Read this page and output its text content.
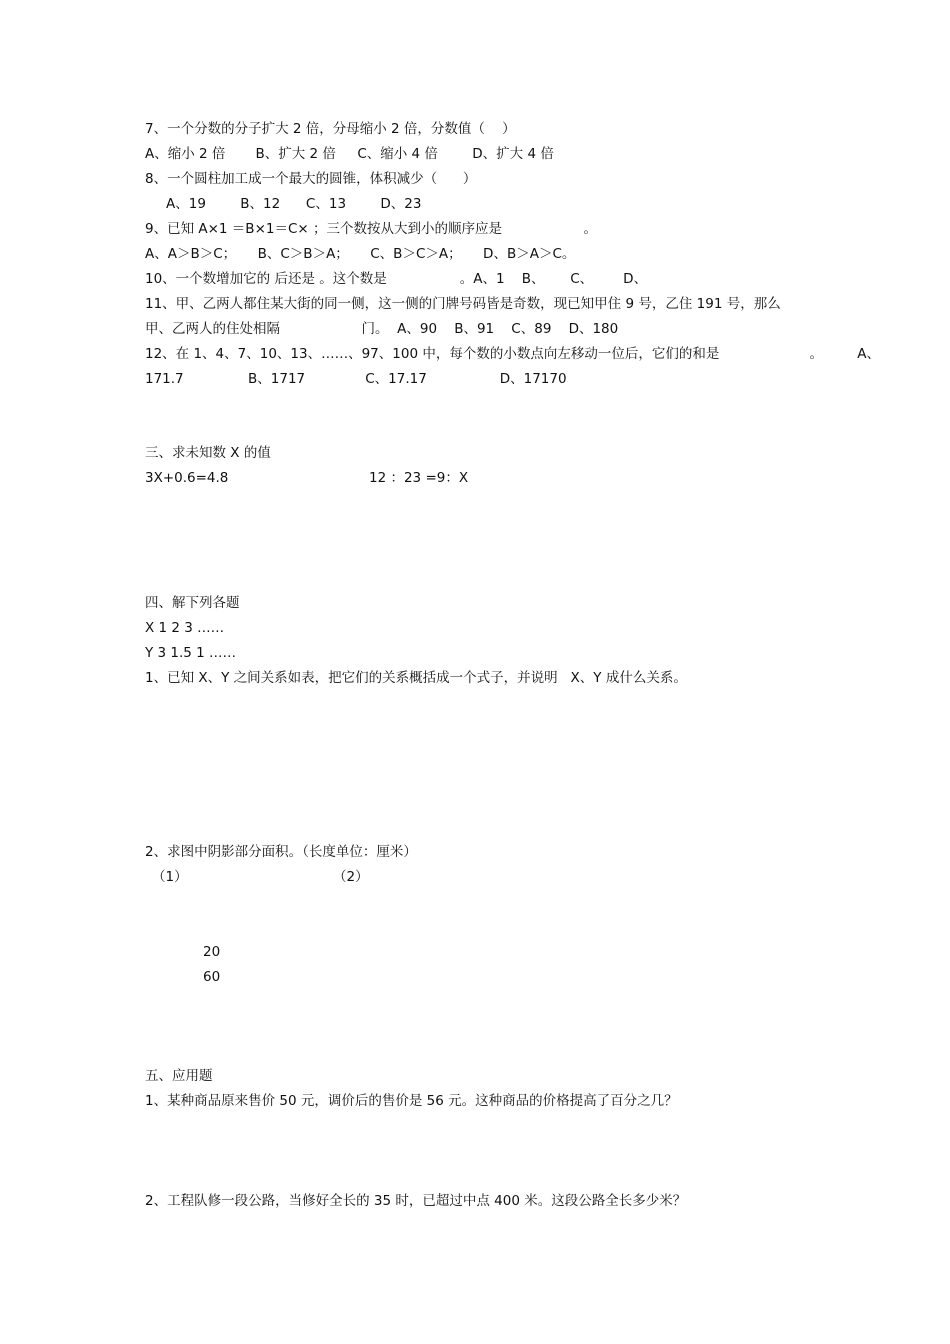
7、一个分数的分子扩大 2 倍，分母缩小 2 倍，分数值（    ）
A、缩小 2 倍       B、扩大 2 倍     C、缩小 4 倍        D、扩大 4 倍
8、一个圆柱加工成一个最大的圆锥，体积减少（      ）
A、19        B、12      C、13        D、23
9、已知 A×1 ＝B×1＝C× ；三个数按从大到小的顺序应是                   。
A、A＞B＞C；     B、C＞B＞A；     C、B＞C＞A；     D、B＞A＞C。
10、一个数增加它的 后还是 。这个数是                 。A、1    B、      C、       D、
11、甲、乙两人都住某大街的同一侧，这一侧的门牌号码皆是奇数，现已知甲住 9 号，乙住 191 号，那么
甲、乙两人的住处相隔                   门。  A、90    B、91    C、89    D、180
12、在 1、4、7、10、13、……、97、100 中，每个数的小数点向左移动一位后，它们的和是                     。        A、
171.7               B、1717              C、17.17                 D、17170
三、求未知数 X 的值
3X+0.6=4.8	12 ：23 =9：X
四、解下列各题
X 1 2 3 ……
Y 3 1.5 1 ……
1、已知 X、Y 之间关系如表，把它们的关系概括成一个式子，并说明   X、Y 成什么关系。
2、求图中阴影部分面积。（长度单位：厘米）
（1）	（2）
20
60
五、应用题
1、某种商品原来售价 50 元，调价后的售价是 56 元。这种商品的价格提高了百分之几？
2、工程队修一段公路，当修好全长的 35 时，已超过中点 400 米。这段公路全长多少米？
